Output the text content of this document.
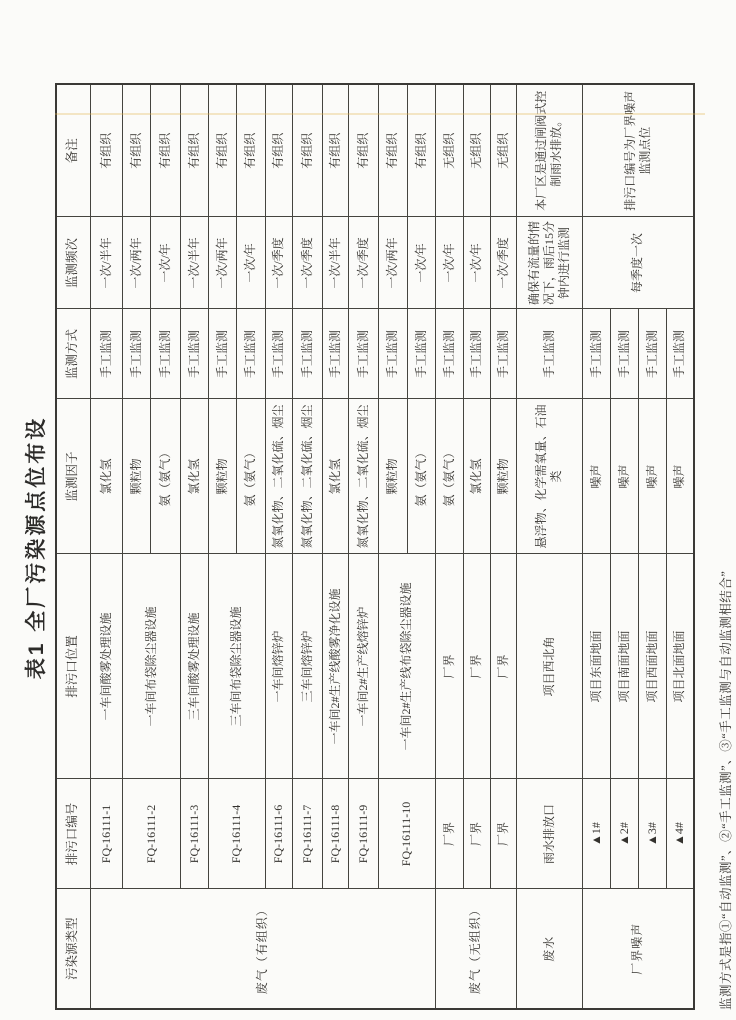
表1 全厂污染源点位布设
污染源类型	排污口编号	排污口位置	监测因子	监测方式	监测频次	备注
废气（有组织）	FQ-16111-1	一车间酸雾处理设施	氯化氢	手工监测	一次/半年	有组织
	FQ-16111-2	一车间布袋除尘器设施	颗粒物	手工监测	一次/两年	有组织
			氨（氨气）	手工监测	一次/年	有组织
	FQ-16111-3	三车间酸雾处理设施	氯化氢	手工监测	一次/半年	有组织
	FQ-16111-4	三车间布袋除尘器设施	颗粒物	手工监测	一次/两年	有组织
			氨（氨气）	手工监测	一次/年	有组织
	FQ-16111-6	一车间熔锌炉	氮氧化物、二氧化硫、烟尘	手工监测	一次/季度	有组织
	FQ-16111-7	三车间熔锌炉	氮氧化物、二氧化硫、烟尘	手工监测	一次/季度	有组织
	FQ-16111-8	一车间2#生产线酸雾净化设施	氯化氢	手工监测	一次/半年	有组织
	FQ-16111-9	一车间2#生产线熔锌炉	氮氧化物、二氧化硫、烟尘	手工监测	一次/季度	有组织
	FQ-16111-10	一车间2#生产线布袋除尘器设施	颗粒物	手工监测	一次/两年	有组织
			氨（氨气）	手工监测	一次/年	有组织
废气（无组织）	厂界	厂界	氨（氨气）	手工监测	一次/年	无组织
	厂界	厂界	氯化氢	手工监测	一次/年	无组织
	厂界	厂界	颗粒物	手工监测	一次/季度	无组织
废水	雨水排放口	项目西北角	悬浮物、化学需氧量、石油类	手工监测	确保有流量的情况下，雨后15分钟内进行监测	本厂区是通过闸阀式控制雨水排放。
厂界噪声	▲1#	项目东面地面	噪声	手工监测	每季度一次	排污口编号为厂界噪声监测点位
	▲2#	项目南面地面	噪声	手工监测		
	▲3#	项目西面地面	噪声	手工监测		
	▲4#	项目北面地面	噪声	手工监测		
监测方式是指①“自动监测”、②“手工监测”、③“手工监测与自动监测相结合”
